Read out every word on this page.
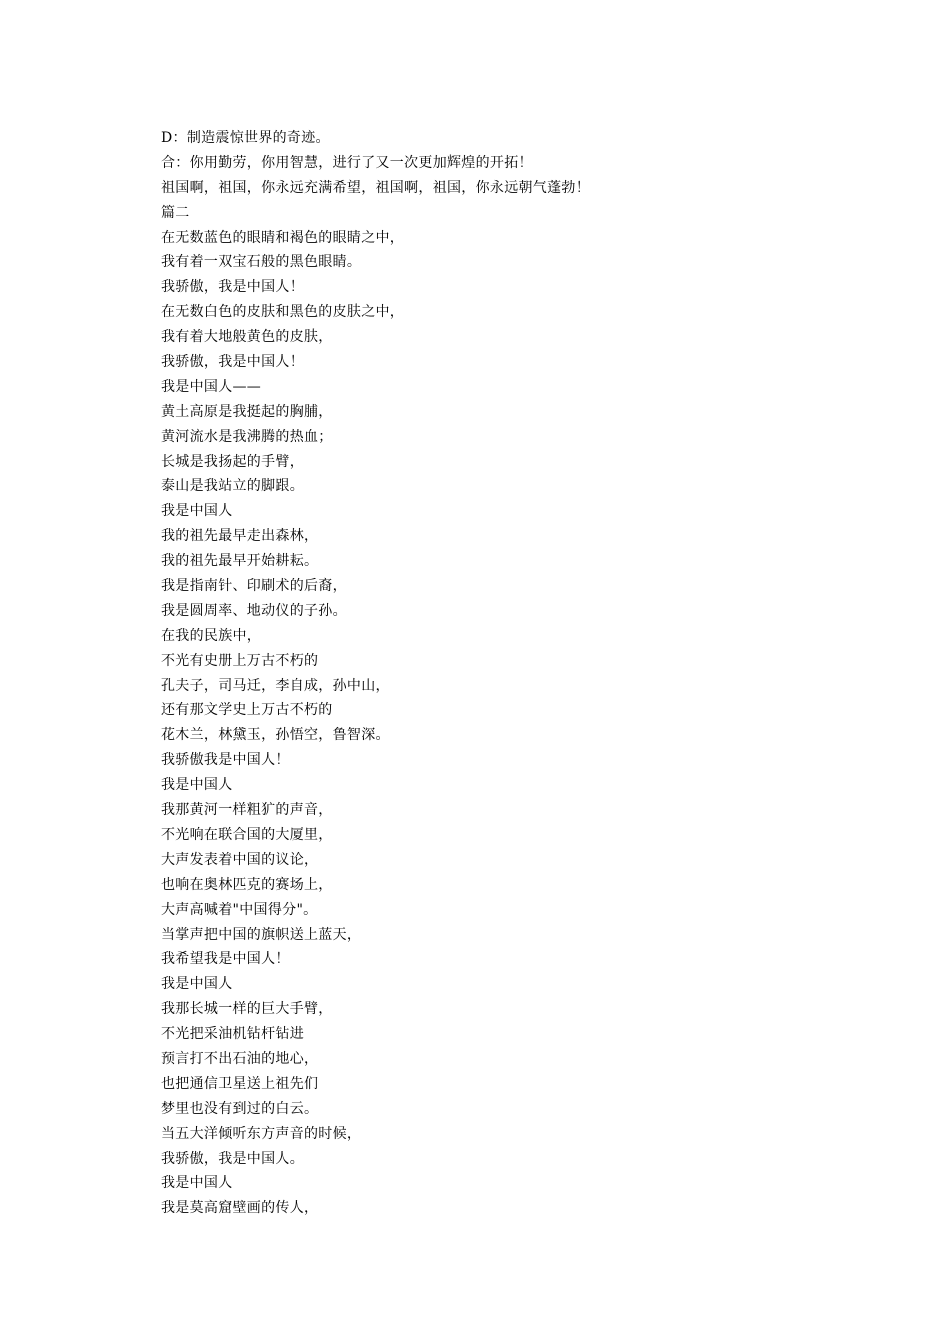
D：制造震惊世界的奇迹。
合：你用勤劳，你用智慧，进行了又一次更加辉煌的开拓！
祖国啊，祖国，你永远充满希望，祖国啊，祖国，你永远朝气蓬勃！
篇二
在无数蓝色的眼睛和褐色的眼睛之中，
我有着一双宝石般的黑色眼睛。
我骄傲，我是中国人！
在无数白色的皮肤和黑色的皮肤之中，
我有着大地般黄色的皮肤，
我骄傲，我是中国人！
我是中国人——
黄土高原是我挺起的胸脯，
黄河流水是我沸腾的热血；
长城是我扬起的手臂，
泰山是我站立的脚跟。
我是中国人
我的祖先最早走出森林，
我的祖先最早开始耕耘。
我是指南针、印刷术的后裔，
我是圆周率、地动仪的子孙。
在我的民族中，
不光有史册上万古不朽的
孔夫子，司马迁，李自成，孙中山，
还有那文学史上万古不朽的
花木兰，林黛玉，孙悟空，鲁智深。
我骄傲我是中国人！
我是中国人
我那黄河一样粗犷的声音，
不光响在联合国的大厦里，
大声发表着中国的议论，
也响在奥林匹克的赛场上，
大声高喊着"中国得分"。
当掌声把中国的旗帜送上蓝天，
我希望我是中国人！
我是中国人
我那长城一样的巨大手臂，
不光把采油机钻杆钻进
预言打不出石油的地心，
也把通信卫星送上祖先们
梦里也没有到过的白云。
当五大洋倾听东方声音的时候，
我骄傲，我是中国人。
我是中国人
我是莫高窟壁画的传人，
